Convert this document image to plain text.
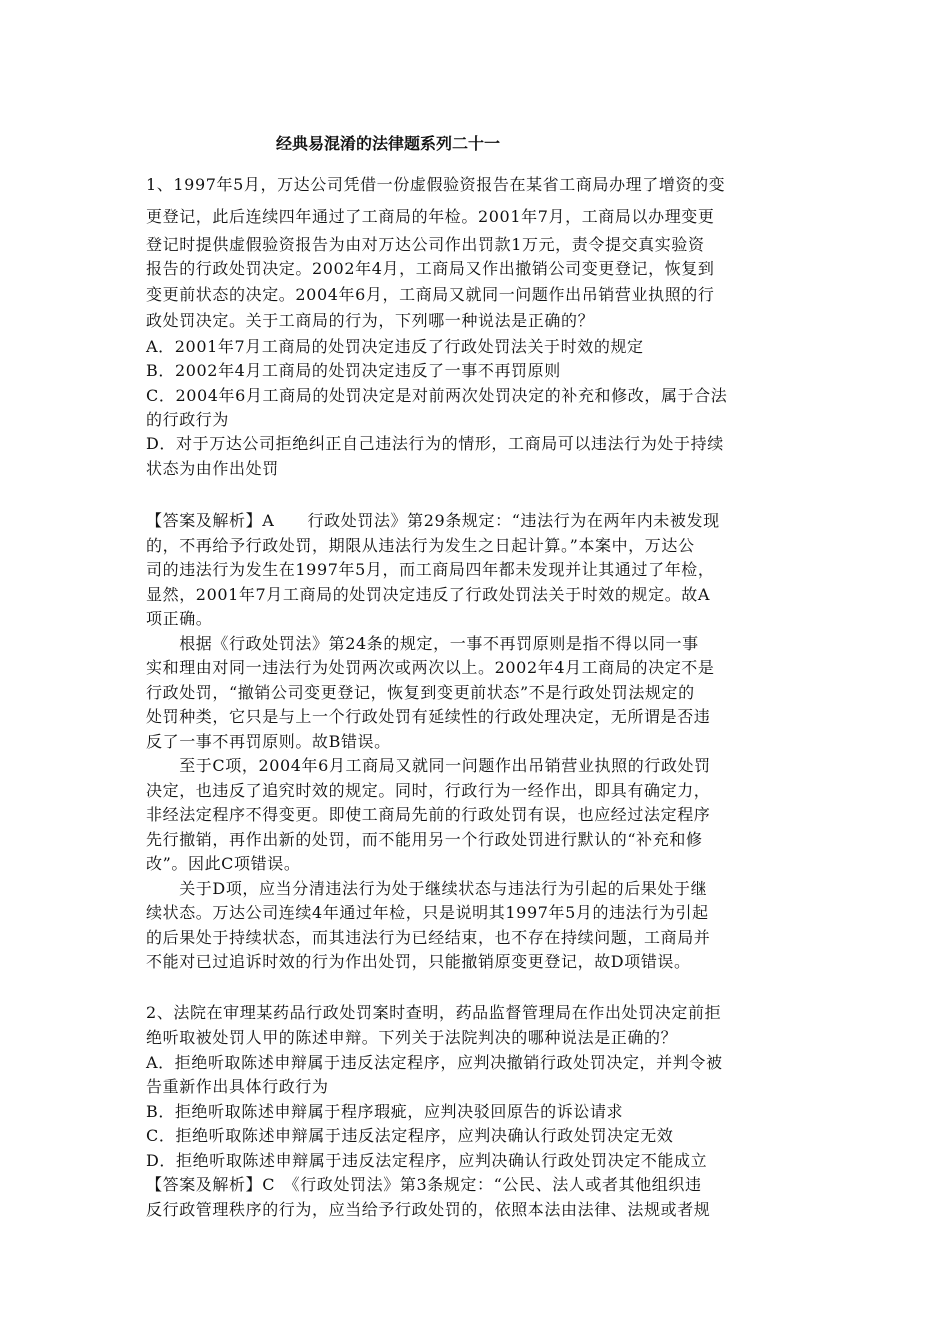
经典易混淆的法律题系列二十一
1、1997年5月，万达公司凭借一份虚假验资报告在某省工商局办理了增资的变
更登记，此后连续四年通过了工商局的年检。2001年7月，工商局以办理变更
登记时提供虚假验资报告为由对万达公司作出罚款1万元，责令提交真实验资
报告的行政处罚决定。2002年4月，工商局又作出撤销公司变更登记，恢复到
变更前状态的决定。2004年6月，工商局又就同一问题作出吊销营业执照的行
政处罚决定。关于工商局的行为，下列哪一种说法是正确的？
A．2001年7月工商局的处罚决定违反了行政处罚法关于时效的规定
B．2002年4月工商局的处罚决定违反了一事不再罚原则
C．2004年6月工商局的处罚决定是对前两次处罚决定的补充和修改，属于合法
的行政行为
D．对于万达公司拒绝纠正自己违法行为的情形，工商局可以违法行为处于持续
状态为由作出处罚
【答案及解析】A　　行政处罚法》第29条规定：“违法行为在两年内未被发现
的，不再给予行政处罚，期限从违法行为发生之日起计算。”本案中，万达公
司的违法行为发生在1997年5月，而工商局四年都未发现并让其通过了年检，
显然，2001年7月工商局的处罚决定违反了行政处罚法关于时效的规定。故A
项正确。
　　根据《行政处罚法》第24条的规定，一事不再罚原则是指不得以同一事
实和理由对同一违法行为处罚两次或两次以上。2002年4月工商局的决定不是
行政处罚，“撤销公司变更登记，恢复到变更前状态”不是行政处罚法规定的
处罚种类，它只是与上一个行政处罚有延续性的行政处理决定，无所谓是否违
反了一事不再罚原则。故B错误。
　　至于C项，2004年6月工商局又就同一问题作出吊销营业执照的行政处罚
决定，也违反了追究时效的规定。同时，行政行为一经作出，即具有确定力，
非经法定程序不得变更。即使工商局先前的行政处罚有误，也应经过法定程序
先行撤销，再作出新的处罚，而不能用另一个行政处罚进行默认的“补充和修
改”。因此C项错误。
　　关于D项，应当分清违法行为处于继续状态与违法行为引起的后果处于继
续状态。万达公司连续4年通过年检，只是说明其1997年5月的违法行为引起
的后果处于持续状态，而其违法行为已经结束，也不存在持续问题，工商局并
不能对已过追诉时效的行为作出处罚，只能撤销原变更登记，故D项错误。
2、法院在审理某药品行政处罚案时查明，药品监督管理局在作出处罚决定前拒
绝听取被处罚人甲的陈述申辩。下列关于法院判决的哪种说法是正确的？
A．拒绝听取陈述申辩属于违反法定程序，应判决撤销行政处罚决定，并判令被
告重新作出具体行政行为
B．拒绝听取陈述申辩属于程序瑕疵，应判决驳回原告的诉讼请求
C．拒绝听取陈述申辩属于违反法定程序，应判决确认行政处罚决定无效
D．拒绝听取陈述申辩属于违反法定程序，应判决确认行政处罚决定不能成立
【答案及解析】C　《行政处罚法》第3条规定：“公民、法人或者其他组织违
反行政管理秩序的行为，应当给予行政处罚的，依照本法由法律、法规或者规
